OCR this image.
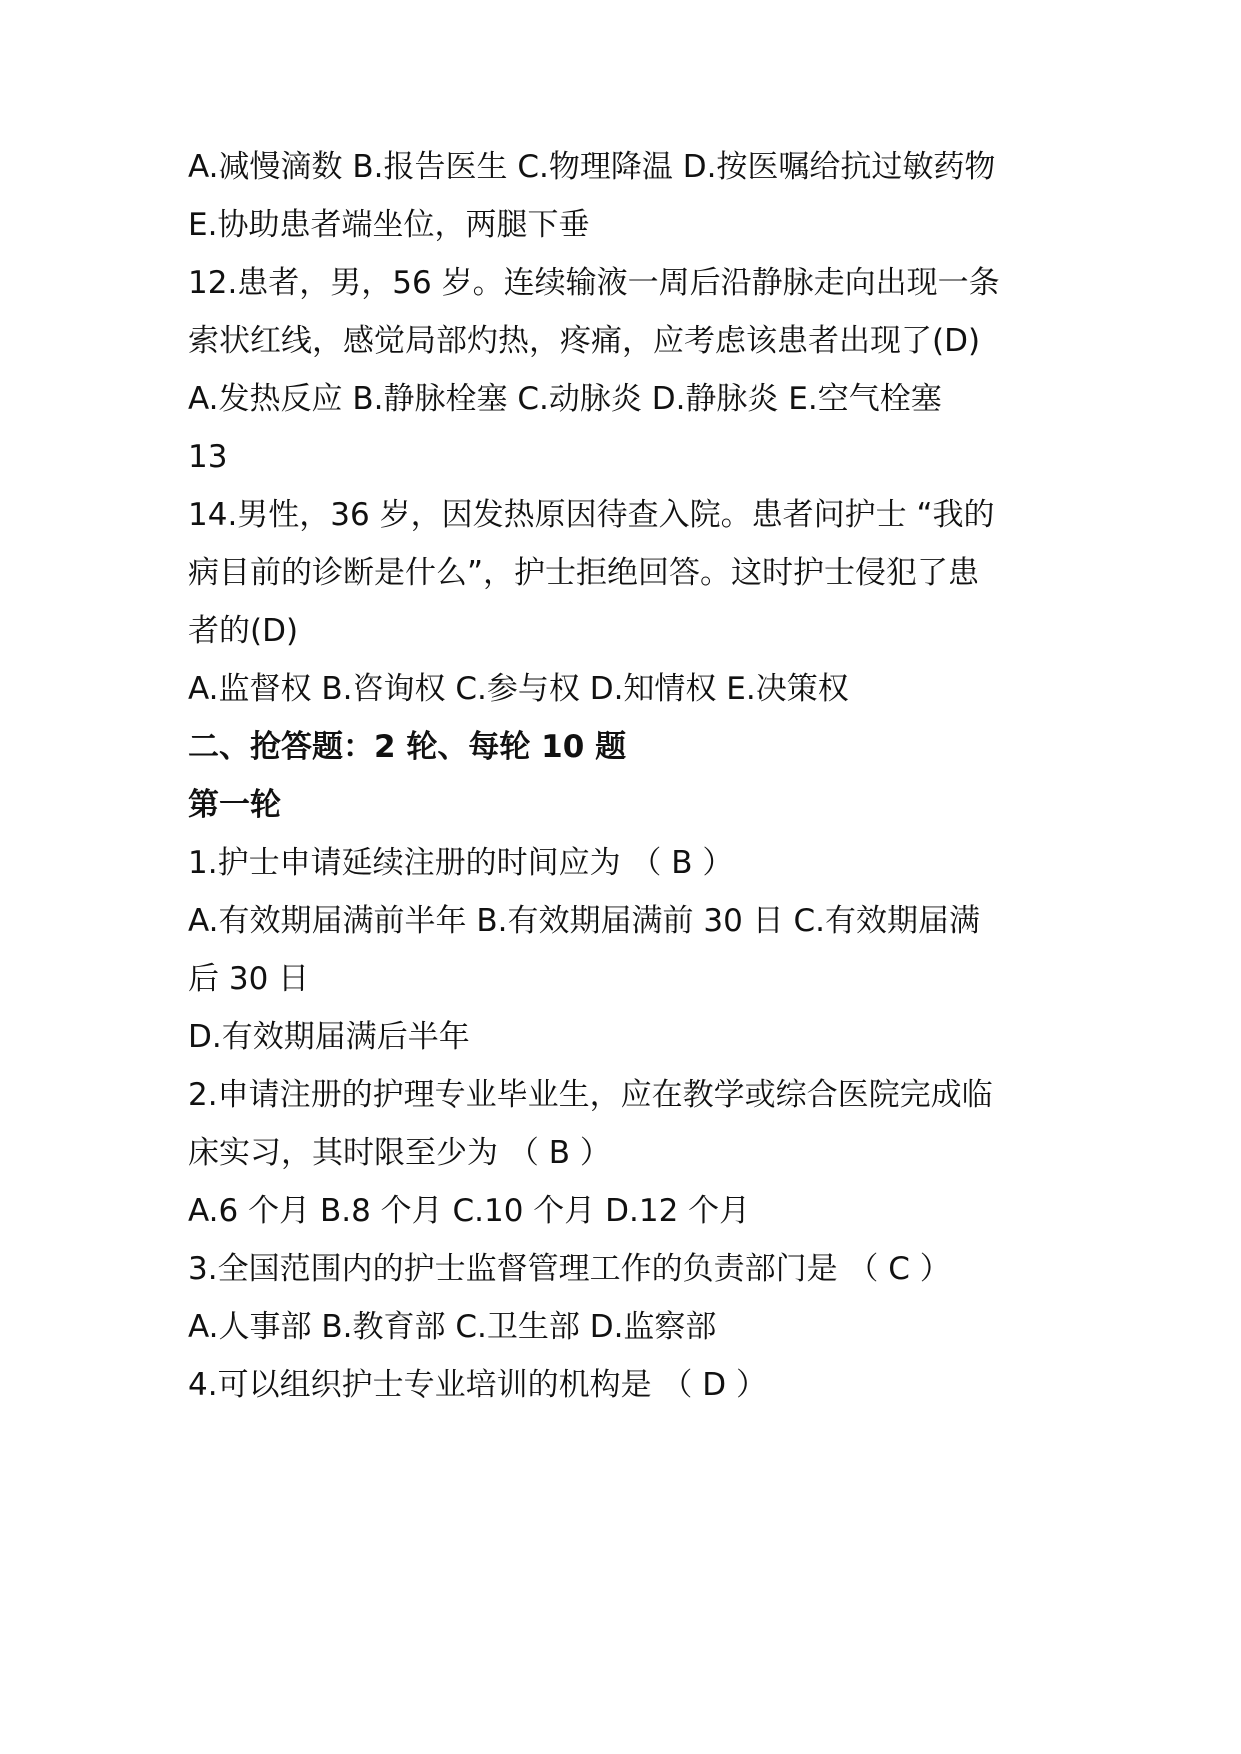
A.减慢滴数 B.报告医生 C.物理降温 D.按医嘱给抗过敏药物
E.协助患者端坐位，两腿下垂
12.患者，男，56 岁。连续输液一周后沿静脉走向出现一条
索状红线，感觉局部灼热，疼痛，应考虑该患者出现了(D)
A.发热反应 B.静脉栓塞 C.动脉炎 D.静脉炎 E.空气栓塞
13
14.男性，36 岁，因发热原因待查入院。患者问护士 “我的
病目前的诊断是什么”，护士拒绝回答。这时护士侵犯了患
者的(D)
A.监督权 B.咨询权 C.参与权 D.知情权 E.决策权
二、抢答题：2 轮、每轮 10 题
第一轮
1.护士申请延续注册的时间应为 （ B ）
A.有效期届满前半年 B.有效期届满前 30 日 C.有效期届满
后 30 日
D.有效期届满后半年
2.申请注册的护理专业毕业生，应在教学或综合医院完成临
床实习，其时限至少为 （ B ）
A.6 个月 B.8 个月 C.10 个月 D.12 个月
3.全国范围内的护士监督管理工作的负责部门是 （ C ）
A.人事部 B.教育部 C.卫生部 D.监察部
4.可以组织护士专业培训的机构是 （ D ）
